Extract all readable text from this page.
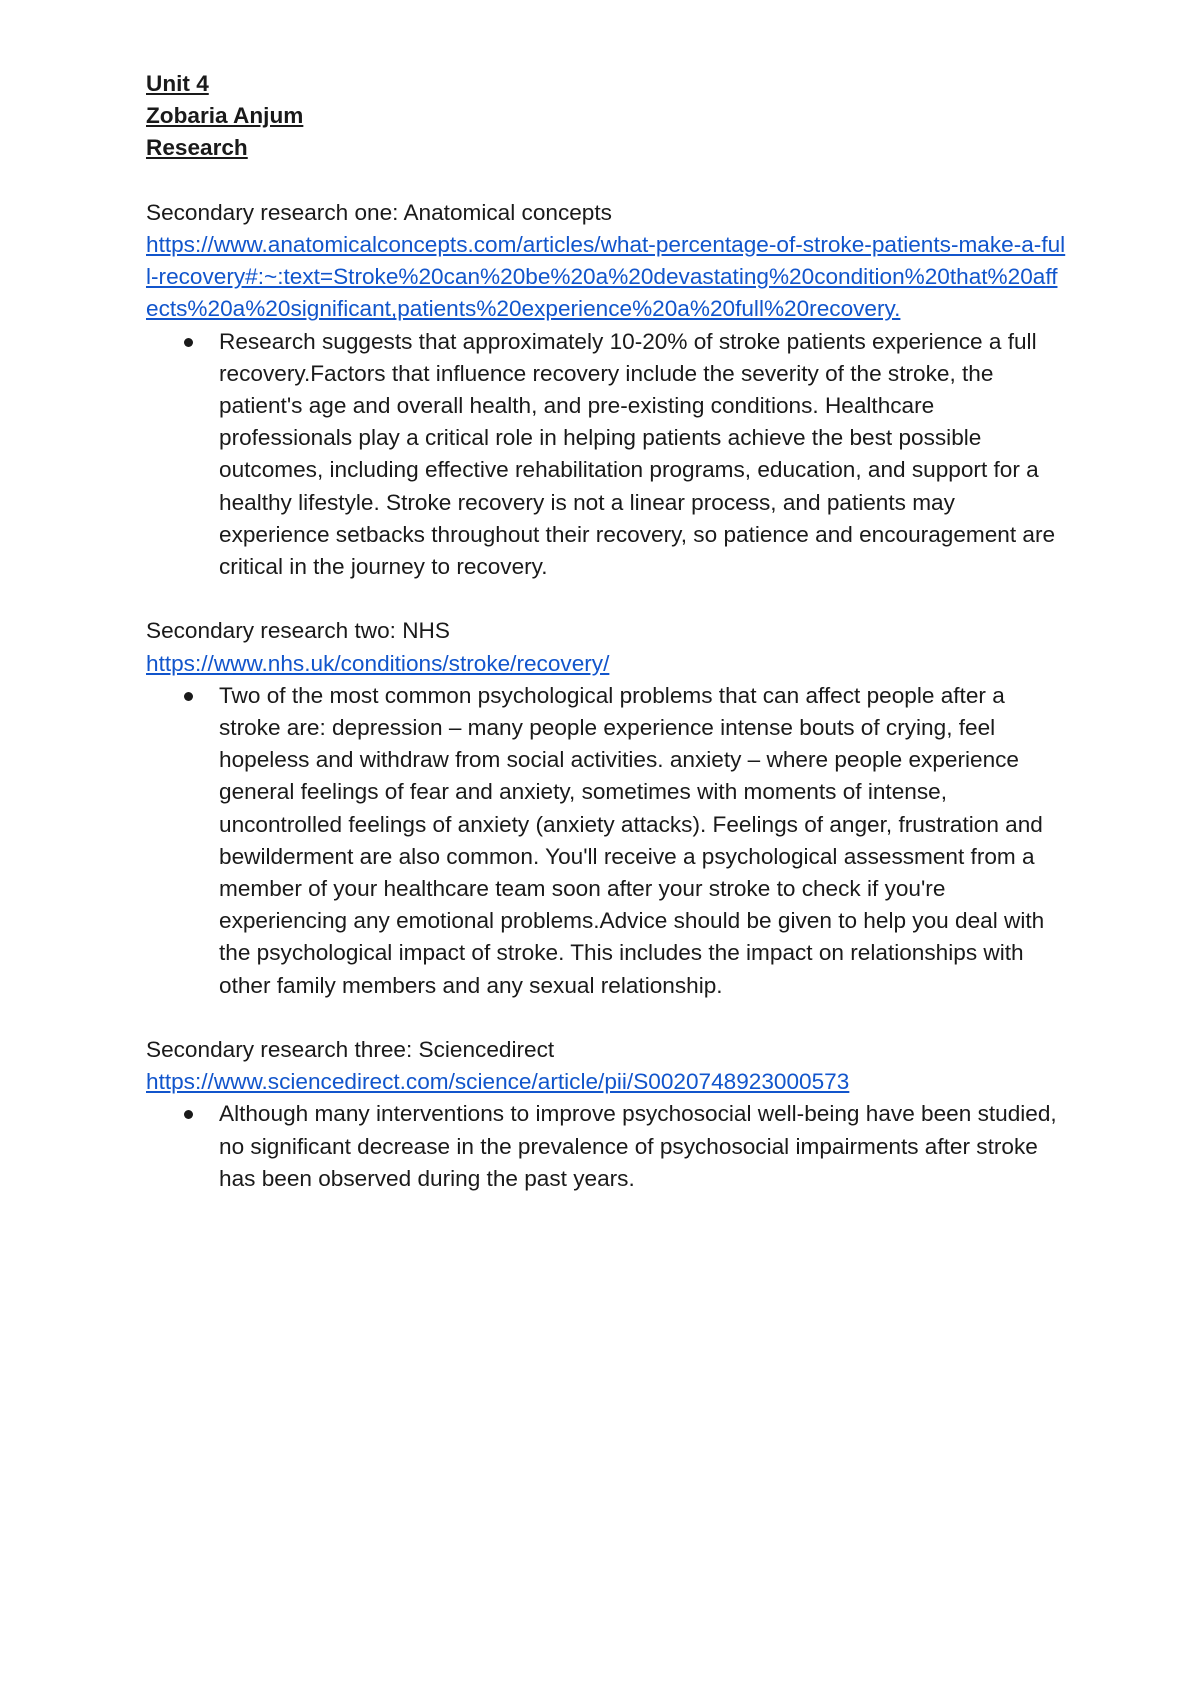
Unit 4
Zobaria Anjum
Research
Secondary research one: Anatomical concepts
https://www.anatomicalconcepts.com/articles/what-percentage-of-stroke-patients-make-a-full-recovery#:~:text=Stroke%20can%20be%20a%20devastating%20condition%20that%20affects%20a%20significant,patients%20experience%20a%20full%20recovery.
Research suggests that approximately 10-20% of stroke patients experience a full recovery.Factors that influence recovery include the severity of the stroke, the patient's age and overall health, and pre-existing conditions. Healthcare professionals play a critical role in helping patients achieve the best possible outcomes, including effective rehabilitation programs, education, and support for a healthy lifestyle. Stroke recovery is not a linear process, and patients may experience setbacks throughout their recovery, so patience and encouragement are critical in the journey to recovery.
Secondary research two: NHS
https://www.nhs.uk/conditions/stroke/recovery/
Two of the most common psychological problems that can affect people after a stroke are: depression – many people experience intense bouts of crying, feel hopeless and withdraw from social activities. anxiety – where people experience general feelings of fear and anxiety, sometimes with moments of intense, uncontrolled feelings of anxiety (anxiety attacks). Feelings of anger, frustration and bewilderment are also common. You'll receive a psychological assessment from a member of your healthcare team soon after your stroke to check if you're experiencing any emotional problems.Advice should be given to help you deal with the psychological impact of stroke. This includes the impact on relationships with other family members and any sexual relationship.
Secondary research three: Sciencedirect
https://www.sciencedirect.com/science/article/pii/S0020748923000573
Although many interventions to improve psychosocial well-being have been studied, no significant decrease in the prevalence of psychosocial impairments after stroke has been observed during the past years.
